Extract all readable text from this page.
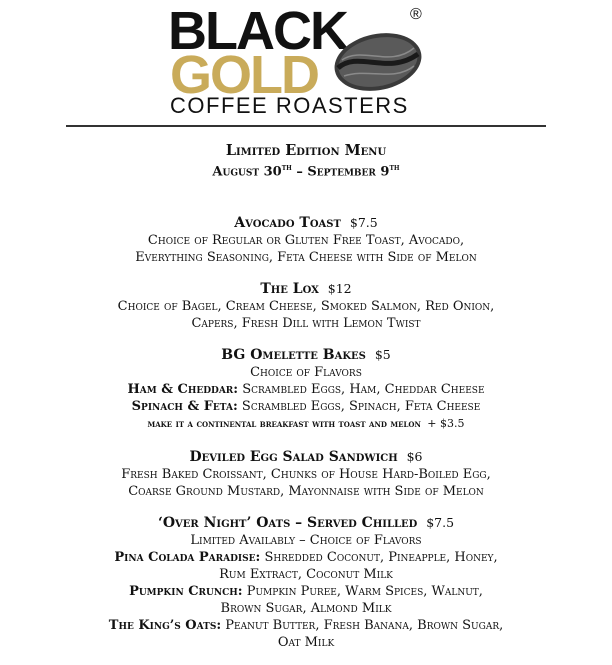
BLACK
GOLD
COFFEE ROASTERS
®
Limited Edition Menu
August 30th – September 9th
Avocado Toast $7.5
Choice of Regular or Gluten Free Toast, Avocado,
Everything Seasoning, Feta Cheese with Side of Melon
The Lox $12
Choice of Bagel, Cream Cheese, Smoked Salmon, Red Onion,
Capers, Fresh Dill with Lemon Twist
BG Omelette Bakes $5
Choice of Flavors
Ham & Cheddar: Scrambled Eggs, Ham, Cheddar Cheese
Spinach & Feta: Scrambled Eggs, Spinach, Feta Cheese
make it a continental breakfast with toast and melon + $3.5
Deviled Egg Salad Sandwich $6
Fresh Baked Croissant, Chunks of House Hard-Boiled Egg,
Coarse Ground Mustard, Mayonnaise with Side of Melon
‘Over Night’ Oats – Served Chilled $7.5
Limited Availably – Choice of Flavors
Pina Colada Paradise: Shredded Coconut, Pineapple, Honey,
Rum Extract, Coconut Milk
Pumpkin Crunch: Pumpkin Puree, Warm Spices, Walnut,
Brown Sugar, Almond Milk
The King’s Oats: Peanut Butter, Fresh Banana, Brown Sugar,
Oat Milk
